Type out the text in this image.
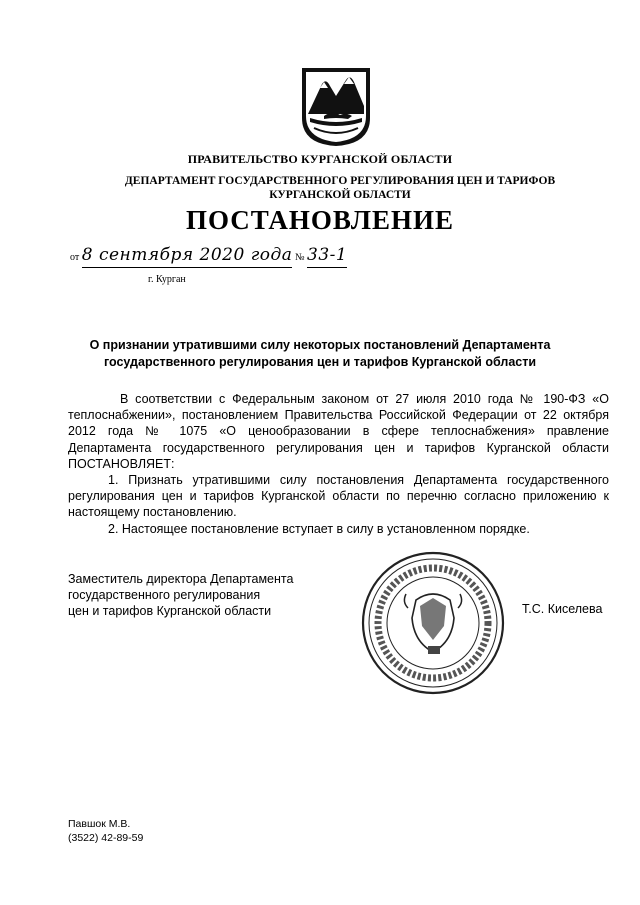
ПРАВИТЕЛЬСТВО КУРГАНСКОЙ ОБЛАСТИ
ДЕПАРТАМЕНТ ГОСУДАРСТВЕННОГО РЕГУЛИРОВАНИЯ ЦЕН И ТАРИФОВ
КУРГАНСКОЙ ОБЛАСТИ
ПОСТАНОВЛЕНИЕ
от 8 сентября 2020 года № 33-1
г. Курган
О признании утратившими силу некоторых постановлений Департамента
государственного регулирования цен и тарифов Курганской области

В соответствии с Федеральным законом от 27 июля 2010 года № 190-ФЗ «О теплоснабжении», постановлением Правительства Российской Федерации от 22 октября 2012 года № 1075 «О ценообразовании в сфере теплоснабжения» правление Департамента государственного регулирования цен и тарифов Курганской области ПОСТАНОВЛЯЕТ:

1. Признать утратившими силу постановления Департамента государственного регулирования цен и тарифов Курганской области по перечню согласно приложению к настоящему постановлению.

2. Настоящее постановление вступает в силу в установленном порядке.

Заместитель директора Департамента
государственного регулирования
цен и тарифов Курганской области	Т.С. Киселева
Павшок М.В.
(3522) 42-89-59
